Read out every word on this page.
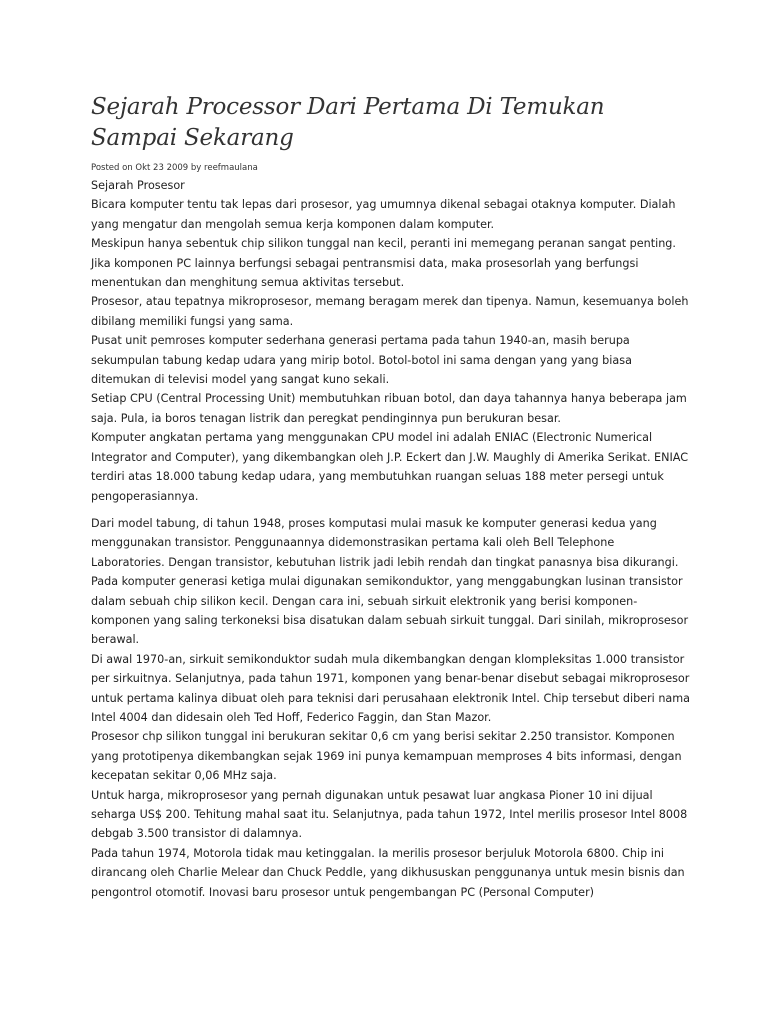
Sejarah Processor Dari Pertama Di Temukan Sampai Sekarang
Posted on Okt 23 2009 by reefmaulana

Sejarah Prosesor

Bicara komputer tentu tak lepas dari prosesor, yag umumnya dikenal sebagai otaknya komputer. Dialah yang mengatur dan mengolah semua kerja komponen dalam komputer.

Meskipun hanya sebentuk chip silikon tunggal nan kecil, peranti ini memegang peranan sangat penting. Jika komponen PC lainnya berfungsi sebagai pentransmisi data, maka prosesorlah yang berfungsi menentukan dan menghitung semua aktivitas tersebut.

Prosesor, atau tepatnya mikroprosesor, memang beragam merek dan tipenya. Namun, kesemuanya boleh dibilang memiliki fungsi yang sama.

Pusat unit pemroses komputer sederhana generasi pertama pada tahun 1940-an, masih berupa sekumpulan tabung kedap udara yang mirip botol. Botol-botol ini sama dengan yang yang biasa ditemukan di televisi model yang sangat kuno sekali.

Setiap CPU (Central Processing Unit) membutuhkan ribuan botol, dan daya tahannya hanya beberapa jam saja. Pula, ia boros tenagan listrik dan peregkat pendinginnya pun berukuran besar.

Komputer angkatan pertama yang menggunakan CPU model ini adalah ENIAC (Electronic Numerical Integrator and Computer), yang dikembangkan oleh J.P. Eckert dan J.W. Maughly di Amerika Serikat. ENIAC terdiri atas 18.000 tabung kedap udara, yang membutuhkan ruangan seluas 188 meter persegi untuk pengoperasiannya.

Dari model tabung, di tahun 1948, proses komputasi mulai masuk ke komputer generasi kedua yang menggunakan transistor. Penggunaannya didemonstrasikan pertama kali oleh Bell Telephone Laboratories. Dengan transistor, kebutuhan listrik jadi lebih rendah dan tingkat panasnya bisa dikurangi.

Pada komputer generasi ketiga mulai digunakan semikonduktor, yang menggabungkan lusinan transistor dalam sebuah chip silikon kecil. Dengan cara ini, sebuah sirkuit elektronik yang berisi komponen-komponen yang saling terkoneksi bisa disatukan dalam sebuah sirkuit tunggal. Dari sinilah, mikroprosesor berawal.

Di awal 1970-an, sirkuit semikonduktor sudah mula dikembangkan dengan klompleksitas 1.000 transistor per sirkuitnya. Selanjutnya, pada tahun 1971, komponen yang benar-benar disebut sebagai mikroprosesor untuk pertama kalinya dibuat oleh para teknisi dari perusahaan elektronik Intel. Chip tersebut diberi nama Intel 4004 dan didesain oleh Ted Hoff, Federico Faggin, dan Stan Mazor.

Prosesor chp silikon tunggal ini berukuran sekitar 0,6 cm yang berisi sekitar 2.250 transistor. Komponen yang prototipenya dikembangkan sejak 1969 ini punya kemampuan memproses 4 bits informasi, dengan kecepatan sekitar 0,06 MHz saja.

Untuk harga, mikroprosesor yang pernah digunakan untuk pesawat luar angkasa Pioner 10 ini dijual seharga US$ 200. Tehitung mahal saat itu. Selanjutnya, pada tahun 1972, Intel merilis prosesor Intel 8008 debgab 3.500 transistor di dalamnya.

Pada tahun 1974, Motorola tidak mau ketinggalan. Ia merilis prosesor berjuluk Motorola 6800. Chip ini dirancang oleh Charlie Melear dan Chuck Peddle, yang dikhususkan penggunanya untuk mesin bisnis dan pengontrol otomotif. Inovasi baru prosesor untuk pengembangan PC (Personal Computer)
